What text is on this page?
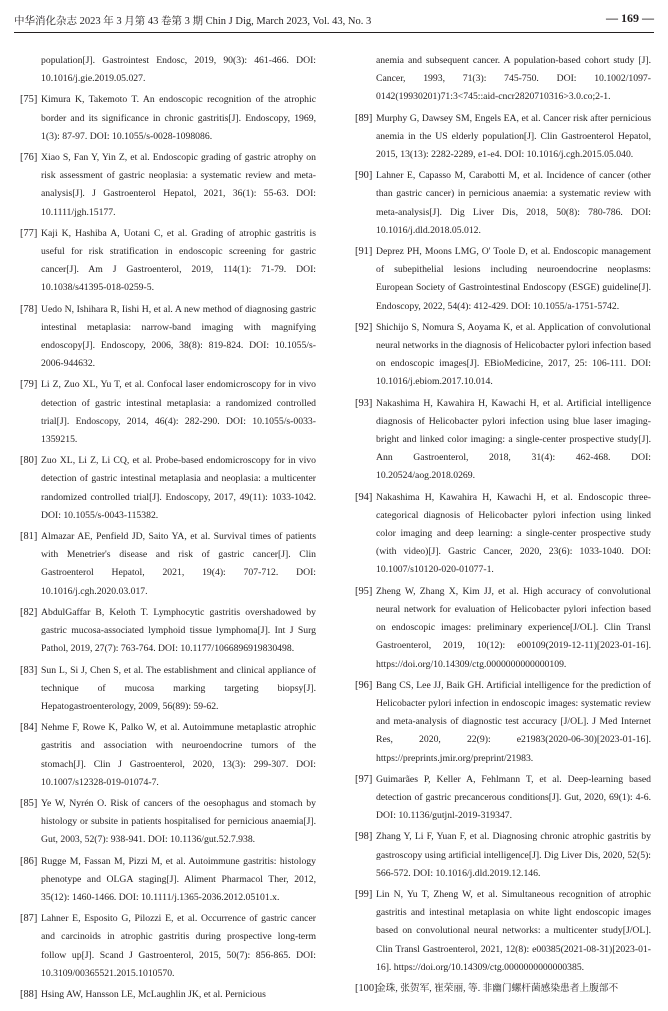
中华消化杂志 2023 年 3 月第 43 卷第 3 期 Chin J Dig, March 2023, Vol. 43, No. 3	— 169 —
population[J]. Gastrointest Endosc, 2019, 90(3): 461-466. DOI: 10.1016/j.gie.2019.05.027.
[75] Kimura K, Takemoto T. An endoscopic recognition of the atrophic border and its significance in chronic gastritis[J]. Endoscopy, 1969, 1(3): 87-97. DOI: 10.1055/s-0028-1098086.
[76] Xiao S, Fan Y, Yin Z, et al. Endoscopic grading of gastric atrophy on risk assessment of gastric neoplasia: a systematic review and meta-analysis[J]. J Gastroenterol Hepatol, 2021, 36(1): 55-63. DOI: 10.1111/jgh.15177.
[77] Kaji K, Hashiba A, Uotani C, et al. Grading of atrophic gastritis is useful for risk stratification in endoscopic screening for gastric cancer[J]. Am J Gastroenterol, 2019, 114(1): 71-79. DOI: 10.1038/s41395-018-0259-5.
[78] Uedo N, Ishihara R, Iishi H, et al. A new method of diagnosing gastric intestinal metaplasia: narrow-band imaging with magnifying endoscopy[J]. Endoscopy, 2006, 38(8): 819-824. DOI: 10.1055/s-2006-944632.
[79] Li Z, Zuo XL, Yu T, et al. Confocal laser endomicroscopy for in vivo detection of gastric intestinal metaplasia: a randomized controlled trial[J]. Endoscopy, 2014, 46(4): 282-290. DOI: 10.1055/s-0033-1359215.
[80] Zuo XL, Li Z, Li CQ, et al. Probe-based endomicroscopy for in vivo detection of gastric intestinal metaplasia and neoplasia: a multicenter randomized controlled trial[J]. Endoscopy, 2017, 49(11): 1033-1042. DOI: 10.1055/s-0043-115382.
[81] Almazar AE, Penfield JD, Saito YA, et al. Survival times of patients with Menetrier's disease and risk of gastric cancer[J]. Clin Gastroenterol Hepatol, 2021, 19(4): 707-712. DOI: 10.1016/j.cgh.2020.03.017.
[82] AbdulGaffar B, Keloth T. Lymphocytic gastritis overshadowed by gastric mucosa-associated lymphoid tissue lymphoma[J]. Int J Surg Pathol, 2019, 27(7): 763-764. DOI: 10.1177/1066896919830498.
[83] Sun L, Si J, Chen S, et al. The establishment and clinical appliance of technique of mucosa marking targeting biopsy[J]. Hepatogastroenterology, 2009, 56(89): 59-62.
[84] Nehme F, Rowe K, Palko W, et al. Autoimmune metaplastic atrophic gastritis and association with neuroendocrine tumors of the stomach[J]. Clin J Gastroenterol, 2020, 13(3): 299-307. DOI: 10.1007/s12328-019-01074-7.
[85] Ye W, Nyrén O. Risk of cancers of the oesophagus and stomach by histology or subsite in patients hospitalised for pernicious anaemia[J]. Gut, 2003, 52(7): 938-941. DOI: 10.1136/gut.52.7.938.
[86] Rugge M, Fassan M, Pizzi M, et al. Autoimmune gastritis: histology phenotype and OLGA staging[J]. Aliment Pharmacol Ther, 2012, 35(12): 1460-1466. DOI: 10.1111/j.1365-2036.2012.05101.x.
[87] Lahner E, Esposito G, Pilozzi E, et al. Occurrence of gastric cancer and carcinoids in atrophic gastritis during prospective long-term follow up[J]. Scand J Gastroenterol, 2015, 50(7): 856-865. DOI: 10.3109/00365521.2015.1010570.
[88] Hsing AW, Hansson LE, McLaughlin JK, et al. Pernicious
anemia and subsequent cancer. A population-based cohort study [J]. Cancer, 1993, 71(3): 745-750. DOI: 10.1002/1097-0142(19930201)71:3<745::aid-cncr2820710316>3.0.co;2-1.
[89] Murphy G, Dawsey SM, Engels EA, et al. Cancer risk after pernicious anemia in the US elderly population[J]. Clin Gastroenterol Hepatol, 2015, 13(13): 2282-2289, e1-e4. DOI: 10.1016/j.cgh.2015.05.040.
[90] Lahner E, Capasso M, Carabotti M, et al. Incidence of cancer (other than gastric cancer) in pernicious anaemia: a systematic review with meta-analysis[J]. Dig Liver Dis, 2018, 50(8): 780-786. DOI: 10.1016/j.dld.2018.05.012.
[91] Deprez PH, Moons LMG, O' Toole D, et al. Endoscopic management of subepithelial lesions including neuroendocrine neoplasms: European Society of Gastrointestinal Endoscopy (ESGE) guideline[J]. Endoscopy, 2022, 54(4): 412-429. DOI: 10.1055/a-1751-5742.
[92] Shichijo S, Nomura S, Aoyama K, et al. Application of convolutional neural networks in the diagnosis of Helicobacter pylori infection based on endoscopic images[J]. EBioMedicine, 2017, 25: 106-111. DOI: 10.1016/j.ebiom.2017.10.014.
[93] Nakashima H, Kawahira H, Kawachi H, et al. Artificial intelligence diagnosis of Helicobacter pylori infection using blue laser imaging-bright and linked color imaging: a single-center prospective study[J]. Ann Gastroenterol, 2018, 31(4): 462-468. DOI: 10.20524/aog.2018.0269.
[94] Nakashima H, Kawahira H, Kawachi H, et al. Endoscopic three-categorical diagnosis of Helicobacter pylori infection using linked color imaging and deep learning: a single-center prospective study (with video)[J]. Gastric Cancer, 2020, 23(6): 1033-1040. DOI: 10.1007/s10120-020-01077-1.
[95] Zheng W, Zhang X, Kim JJ, et al. High accuracy of convolutional neural network for evaluation of Helicobacter pylori infection based on endoscopic images: preliminary experience[J/OL]. Clin Transl Gastroenterol, 2019, 10(12): e00109(2019-12-11)[2023-01-16]. https://doi.org/10.14309/ctg.0000000000000109.
[96] Bang CS, Lee JJ, Baik GH. Artificial intelligence for the prediction of Helicobacter pylori infection in endoscopic images: systematic review and meta-analysis of diagnostic test accuracy [J/OL]. J Med Internet Res, 2020, 22(9): e21983(2020-06-30)[2023-01-16]. https://preprints.jmir.org/preprint/21983.
[97] Guimarães P, Keller A, Fehlmann T, et al. Deep-learning based detection of gastric precancerous conditions[J]. Gut, 2020, 69(1): 4-6. DOI: 10.1136/gutjnl-2019-319347.
[98] Zhang Y, Li F, Yuan F, et al. Diagnosing chronic atrophic gastritis by gastroscopy using artificial intelligence[J]. Dig Liver Dis, 2020, 52(5): 566-572. DOI: 10.1016/j.dld.2019.12.146.
[99] Lin N, Yu T, Zheng W, et al. Simultaneous recognition of atrophic gastritis and intestinal metaplasia on white light endoscopic images based on convolutional neural networks: a multicenter study[J/OL]. Clin Transl Gastroenterol, 2021, 12(8): e00385(2021-08-31)[2023-01-16]. https://doi.org/10.14309/ctg.0000000000000385.
[100]
金珠, 张贺军, 崔荣丽, 等. 非幽门螺杆菌感染患者上腹部不
